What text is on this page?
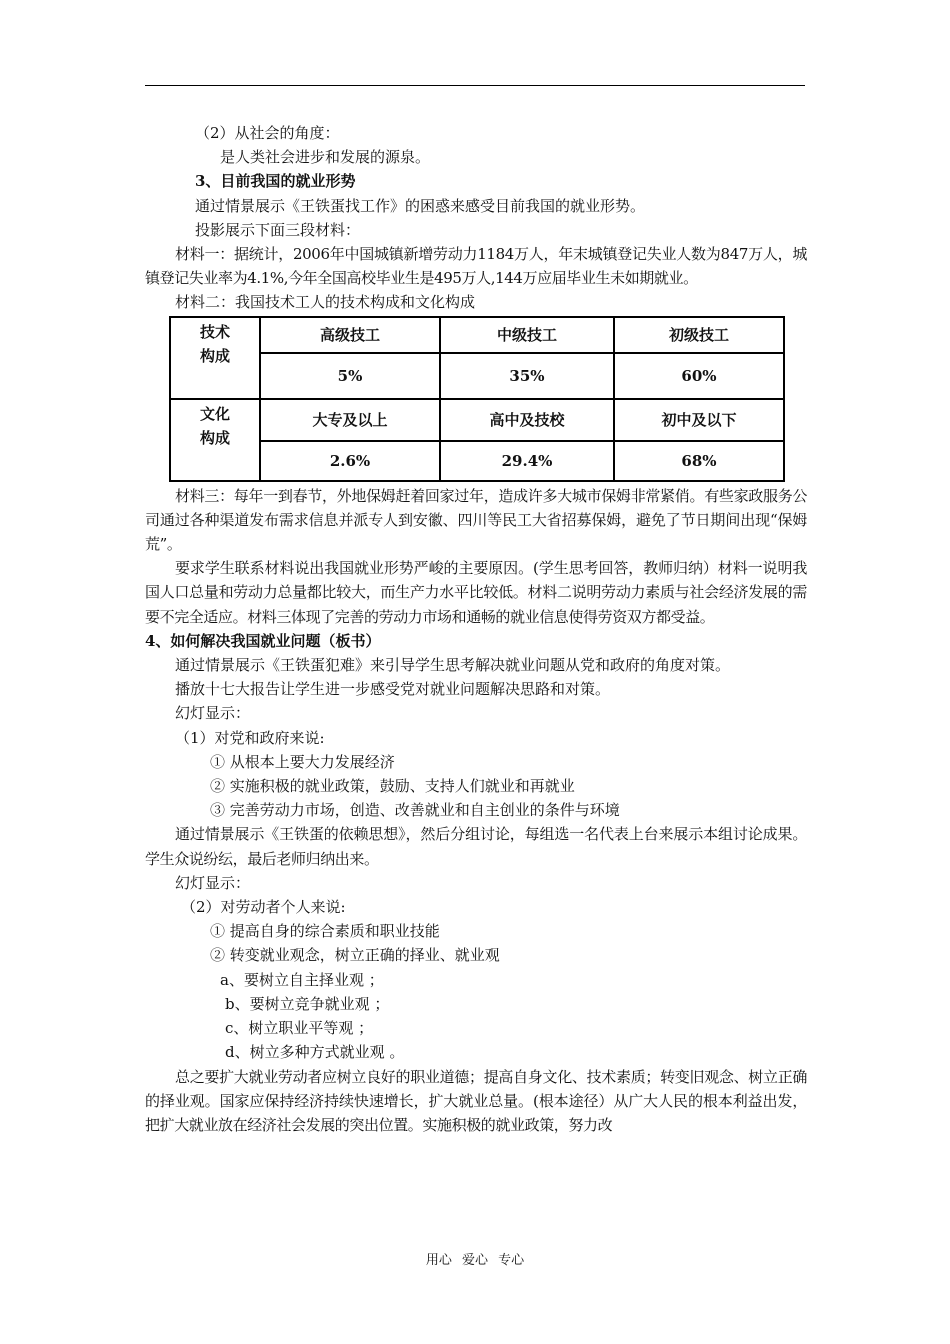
（2）从社会的角度：

是人类社会进步和发展的源泉。

3、目前我国的就业形势

通过情景展示《王铁蛋找工作》的困惑来感受目前我国的就业形势。

投影展示下面三段材料：

材料一：据统计，2006年中国城镇新增劳动力1184万人，年末城镇登记失业人数为847万人，城镇登记失业率为4.1%,今年全国高校毕业生是495万人,144万应届毕业生未如期就业。

材料二：我国技术工人的技术构成和文化构成

技术
构成	高级技工	中级技工	初级技工
	5%	35%	60%
文化
构成	大专及以上	高中及技校	初中及以下
	2.6%	29.4%	68%

材料三：每年一到春节，外地保姆赶着回家过年，造成许多大城市保姆非常紧俏。有些家政服务公司通过各种渠道发布需求信息并派专人到安徽、四川等民工大省招募保姆，避免了节日期间出现“保姆荒”。

要求学生联系材料说出我国就业形势严峻的主要原因。(学生思考回答，教师归纳）材料一说明我国人口总量和劳动力总量都比较大，而生产力水平比较低。材料二说明劳动力素质与社会经济发展的需要不完全适应。材料三体现了完善的劳动力市场和通畅的就业信息使得劳资双方都受益。

4、如何解决我国就业问题（板书）

通过情景展示《王铁蛋犯难》来引导学生思考解决就业问题从党和政府的角度对策。

播放十七大报告让学生进一步感受党对就业问题解决思路和对策。

幻灯显示：

（1）对党和政府来说:

① 从根本上要大力发展经济

② 实施积极的就业政策，鼓励、支持人们就业和再就业

③ 完善劳动力市场，创造、改善就业和自主创业的条件与环境

通过情景展示《王铁蛋的依赖思想》，然后分组讨论，每组选一名代表上台来展示本组讨论成果。学生众说纷纭，最后老师归纳出来。

幻灯显示：

（2）对劳动者个人来说:

① 提高自身的综合素质和职业技能

② 转变就业观念，树立正确的择业、就业观

a、要树立自主择业观 ；

b、要树立竞争就业观 ；

c、树立职业平等观 ；

d、树立多种方式就业观 。

总之要扩大就业劳动者应树立良好的职业道德；提高自身文化、技术素质；转变旧观念、树立正确的择业观。国家应保持经济持续快速增长，扩大就业总量。(根本途径）从广大人民的根本利益出发，把扩大就业放在经济社会发展的突出位置。实施积极的就业政策，努力改

用心 爱心 专心
